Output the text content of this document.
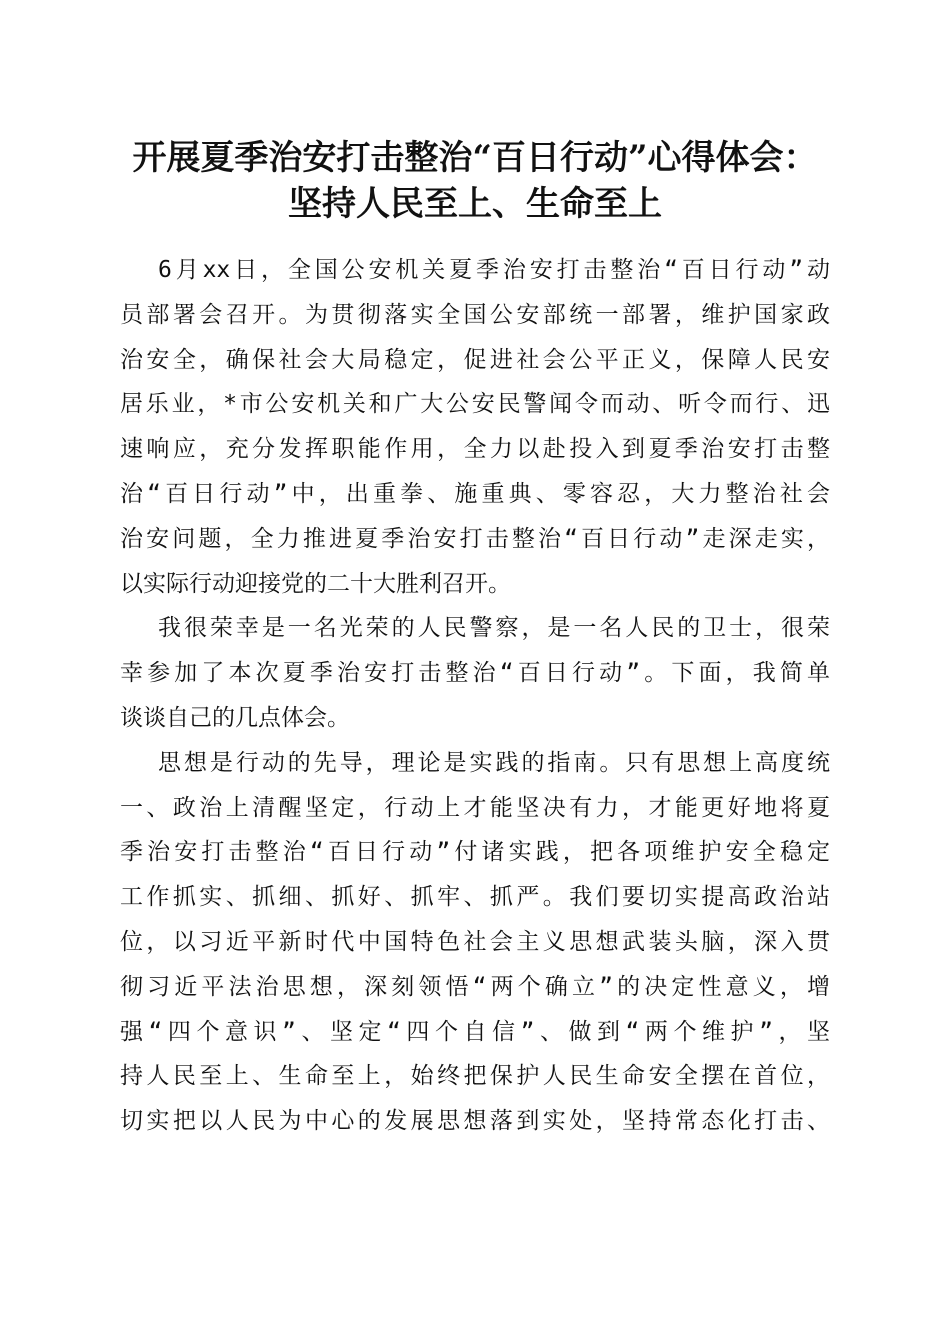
开展夏季治安打击整治“百日行动”心得体会：
坚持人民至上、生命至上
6月xx日，全国公安机关夏季治安打击整治“百日行动”动
员部署会召开。为贯彻落实全国公安部统一部署，维护国家政
治安全，确保社会大局稳定，促进社会公平正义，保障人民安
居乐业，*市公安机关和广大公安民警闻令而动、听令而行、迅
速响应，充分发挥职能作用，全力以赴投入到夏季治安打击整
治“百日行动”中，出重拳、施重典、零容忍，大力整治社会
治安问题，全力推进夏季治安打击整治“百日行动”走深走实，
以实际行动迎接党的二十大胜利召开。
我很荣幸是一名光荣的人民警察，是一名人民的卫士，很荣
幸参加了本次夏季治安打击整治“百日行动”。下面，我简单
谈谈自己的几点体会。
思想是行动的先导，理论是实践的指南。只有思想上高度统
一、政治上清醒坚定，行动上才能坚决有力，才能更好地将夏
季治安打击整治“百日行动”付诸实践，把各项维护安全稳定
工作抓实、抓细、抓好、抓牢、抓严。我们要切实提高政治站
位，以习近平新时代中国特色社会主义思想武装头脑，深入贯
彻习近平法治思想，深刻领悟“两个确立”的决定性意义，增
强“四个意识”、坚定“四个自信”、做到“两个维护”，坚
持人民至上、生命至上，始终把保护人民生命安全摆在首位，
切实把以人民为中心的发展思想落到实处，坚持常态化打击、
